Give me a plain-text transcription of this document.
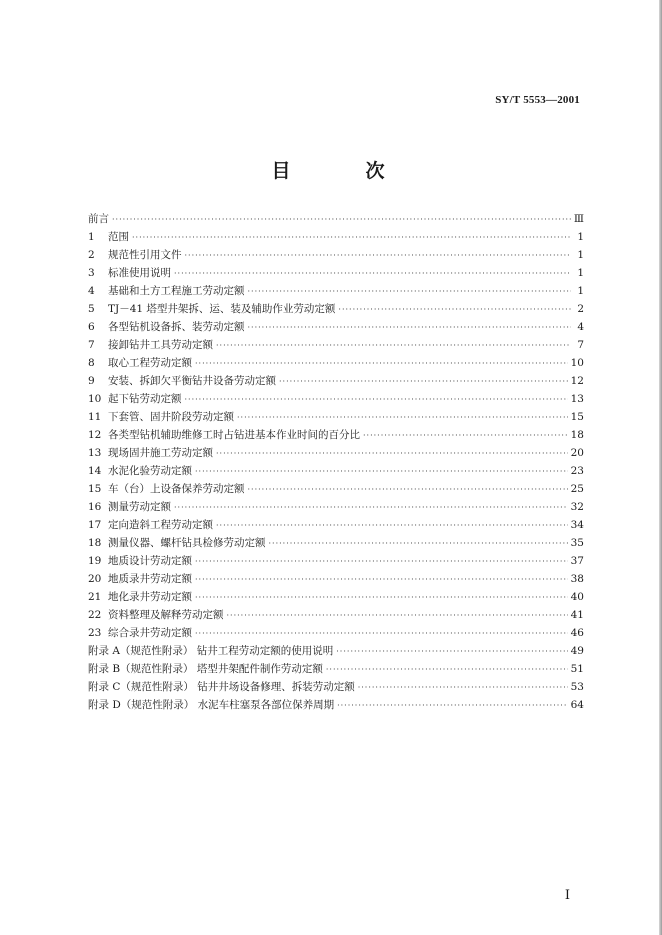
SY/T 5553—2001
目　次
前言 ·····	Ⅲ
1	范围 ·····	1
2	规范性引用文件 ·····	1
3	标准使用说明 ·····	1
4	基础和土方工程施工劳动定额 ·····	1
5	TJ－41 塔型井架拆、运、装及辅助作业劳动定额 ·····	2
6	各型钻机设备拆、装劳动定额 ·····	4
7	接卸钻井工具劳动定额 ·····	7
8	取心工程劳动定额 ·····	10
9	安装、拆卸欠平衡钻井设备劳动定额 ·····	12
10 起下钻劳动定额 ·····	13
11 下套管、固井阶段劳动定额 ·····	15
12 各类型钻机辅助维修工时占钻进基本作业时间的百分比 ·····	18
13 现场固井施工劳动定额 ·····	20
14 水泥化验劳动定额 ·····	23
15 车（台）上设备保养劳动定额 ·····	25
16 测量劳动定额 ·····	32
17 定向造斜工程劳动定额 ·····	34
18 测量仪器、螺杆钻具检修劳动定额 ·····	35
19 地质设计劳动定额 ·····	37
20 地质录井劳动定额 ·····	38
21 地化录井劳动定额 ·····	40
22 资料整理及解释劳动定额 ·····	41
23 综合录井劳动定额 ·····	46
附录 A（规范性附录） 钻井工程劳动定额的使用说明 ·····	49
附录 B（规范性附录） 塔型井架配件制作劳动定额 ·····	51
附录 C（规范性附录） 钻井井场设备修理、拆装劳动定额 ·····	53
附录 D（规范性附录） 水泥车柱塞泵各部位保养周期 ·····	64
I
